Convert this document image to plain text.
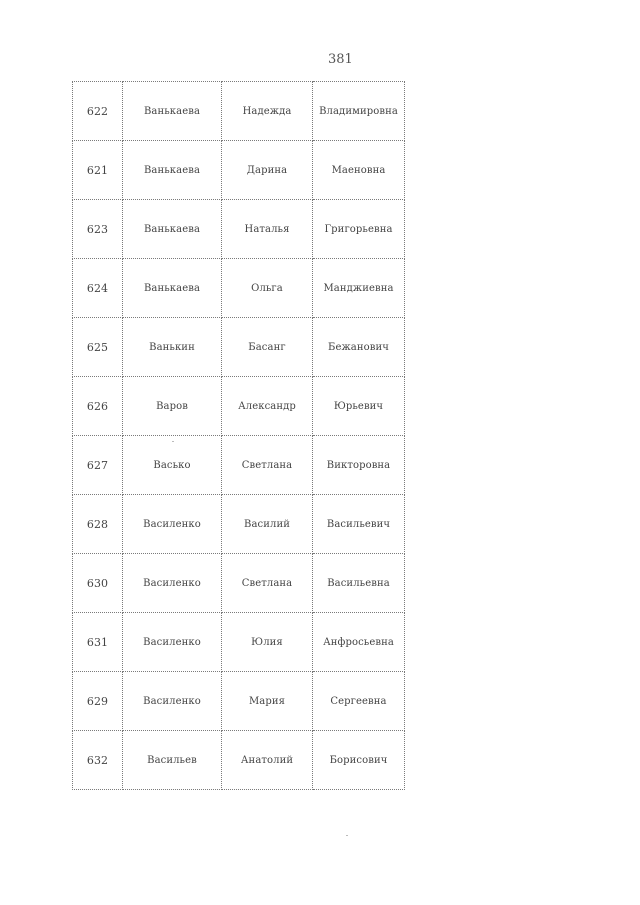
381
622	Ванькаева	Надежда	Владимировна
621	Ванькаева	Дарина	Маеновна
623	Ванькаева	Наталья	Григорьевна
624	Ванькаева	Ольга	Манджиевна
625	Ванькин	Басанг	Бежанович
626	Варов	Александр	Юрьевич
627	Васько	Светлана	Викторовна
628	Василенко	Василий	Васильевич
630	Василенко	Светлана	Васильевна
631	Василенко	Юлия	Анфросьевна
629	Василенко	Мария	Сергеевна
632	Васильев	Анатолий	Борисович
